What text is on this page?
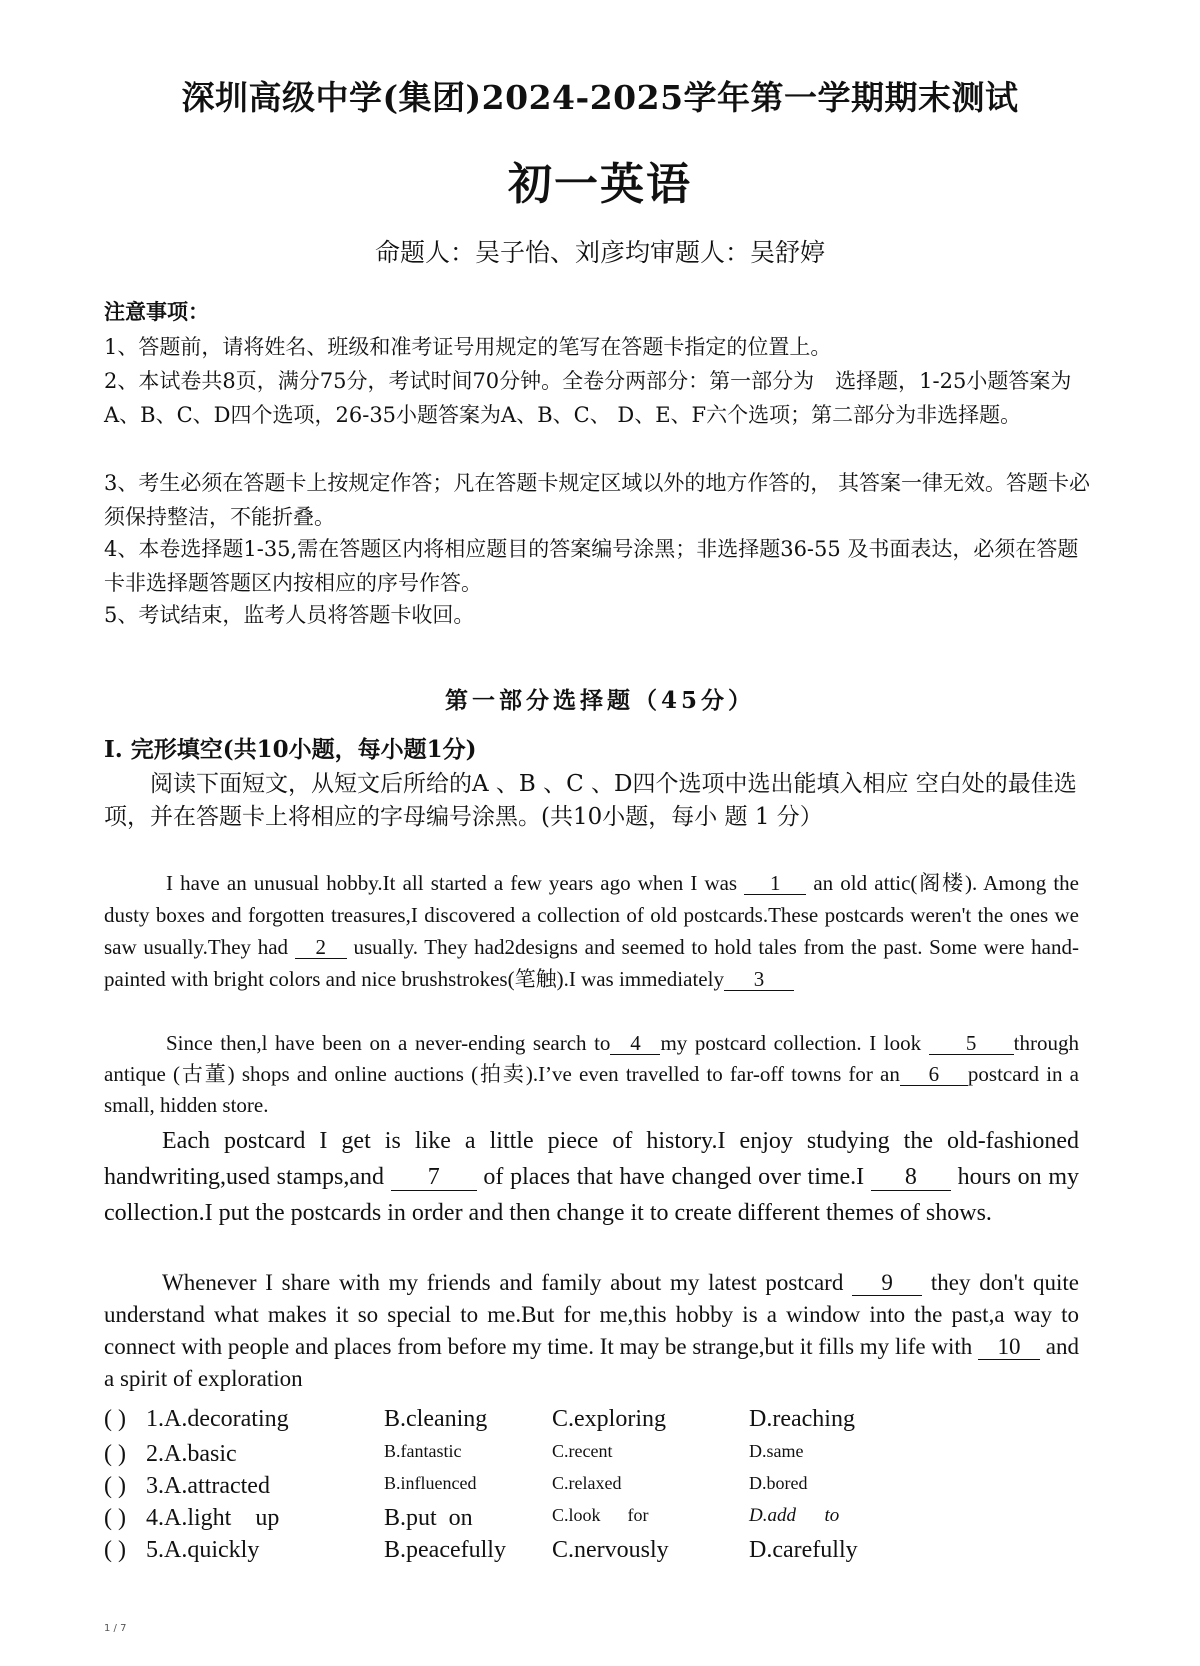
深圳高级中学(集团)2024-2025学年第一学期期末测试
初一英语
命题人：吴子怡、刘彦均审题人：吴舒婷
注意事项：
1、答题前，请将姓名、班级和准考证号用规定的笔写在答题卡指定的位置上。
2、本试卷共8页，满分75分，考试时间70分钟。全卷分两部分：第一部分为　选择题，1-25小题答案为A、B、C、D四个选项，26-35小题答案为A、B、C、 D、E、F六个选项；第二部分为非选择题。
3、考生必须在答题卡上按规定作答；凡在答题卡规定区域以外的地方作答的， 其答案一律无效。答题卡必须保持整洁，不能折叠。
4、本卷选择题1-35,需在答题区内将相应题目的答案编号涂黑；非选择题36-55 及书面表达，必须在答题卡非选择题答题区内按相应的序号作答。
5、考试结束，监考人员将答题卡收回。
第一部分选择题（45分）
I. 完形填空(共10小题，每小题1分)
阅读下面短文，从短文后所给的A 、B 、C 、D四个选项中选出能填入相应 空白处的最佳选项，并在答题卡上将相应的字母编号涂黑。(共10小题，每小 题 1 分）
I have an unusual hobby.It all started a few years ago when I was 1 an old attic(阁楼). Among the dusty boxes and forgotten treasures,I discovered a collection of old postcards.These postcards weren't the ones we saw usually.They had 2 usually. They had2designs and seemed to hold tales from the past. Some were hand-painted with bright colors and nice brushstrokes(笔触).I was immediately 3
Since then,l have been on a never-ending search to 4 my postcard collection. I look 5 through antique (古董) shops and online auctions (拍卖).I’ve even travelled to far-off towns for an 6 postcard in a small, hidden store.
Each postcard I get is like a little piece of history.I enjoy studying the old-fashioned handwriting,used stamps,and 7 of places that have changed over time.I 8 hours on my collection.I put the postcards in order and then change it to create different themes of shows.
Whenever I share with my friends and family about my latest postcard 9 they don't quite understand what makes it so special to me.But for me,this hobby is a window into the past,a way to connect with people and places from before my time. It may be strange,but it fills my life with 10 and a spirit of exploration
( ) 1.A.decorating	B.cleaning	C.exploring	D.reaching
( ) 2.A.basic	B.fantastic	C.recent	D.same
( ) 3.A.attracted	B.influenced	C.relaxed	D.bored
( ) 4.A.light    up	B.put  on	C.look      for	D.add      to
( ) 5.A.quickly	B.peacefully C.nervously	D.carefully
1 / 7
